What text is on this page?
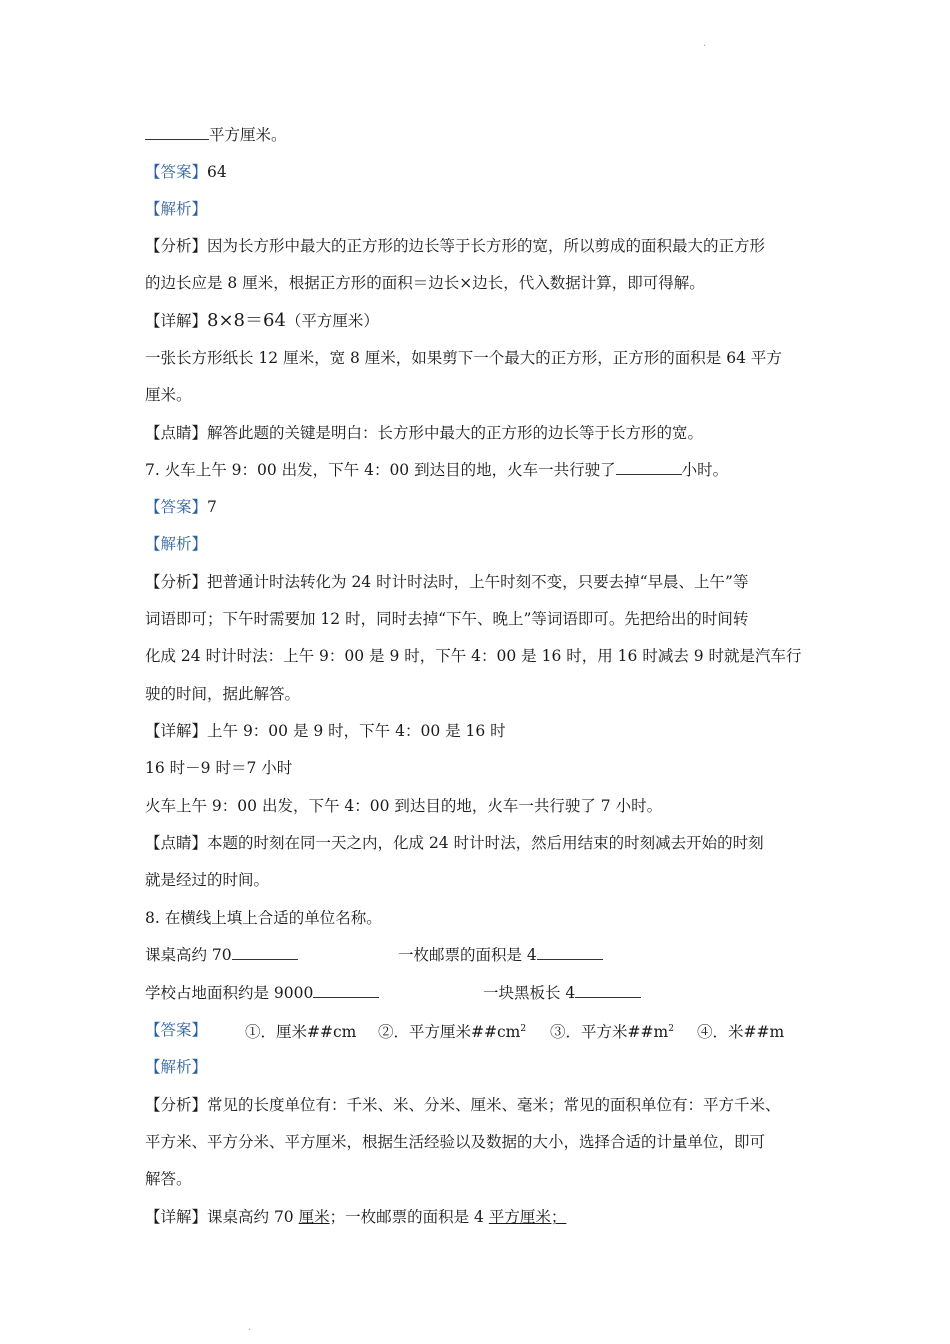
.
平方厘米。
【答案】64
【解析】
【分析】因为长方形中最大的正方形的边长等于长方形的宽，所以剪成的面积最大的正方形
的边长应是 8 厘米，根据正方形的面积＝边长×边长，代入数据计算，即可得解。
【详解】8×8＝64（平方厘米）
一张长方形纸长 12 厘米，宽 8 厘米，如果剪下一个最大的正方形，正方形的面积是 64 平方
厘米。
【点睛】解答此题的关键是明白：长方形中最大的正方形的边长等于长方形的宽。
7. 火车上午 9：00 出发，下午 4：00 到达目的地，火车一共行驶了	小时。
【答案】7
【解析】
【分析】把普通计时法转化为 24 时计时法时，上午时刻不变，只要去掉“早晨、上午”等
词语即可；下午时需要加 12 时，同时去掉“下午、晚上”等词语即可。先把给出的时间转
化成 24 时计时法：上午 9：00 是 9 时，下午 4：00 是 16 时，用 16 时减去 9 时就是汽车行
驶的时间，据此解答。
【详解】上午 9：00 是 9 时，下午 4：00 是 16 时
16 时－9 时＝7 小时
火车上午 9：00 出发，下午 4：00 到达目的地，火车一共行驶了 7 小时。
【点睛】本题的时刻在同一天之内，化成 24 时计时法，然后用结束的时刻减去开始的时刻
就是经过的时间。
8. 在横线上填上合适的单位名称。
课桌高约 70	一枚邮票的面积是 4
学校占地面积约是 9000	一块黑板长 4
【答案】 ①．厘米##cm ②．平方厘米$\#\#cm^2$ ③．平方米$\#\#m^2$ ④．米##m
【解析】
【分析】常见的长度单位有：千米、米、分米、厘米、毫米；常见的面积单位有：平方千米、
平方米、平方分米、平方厘米，根据生活经验以及数据的大小，选择合适的计量单位，即可
解答。
【详解】课桌高约 70 厘米；一枚邮票的面积是 4 平方厘米；
.
